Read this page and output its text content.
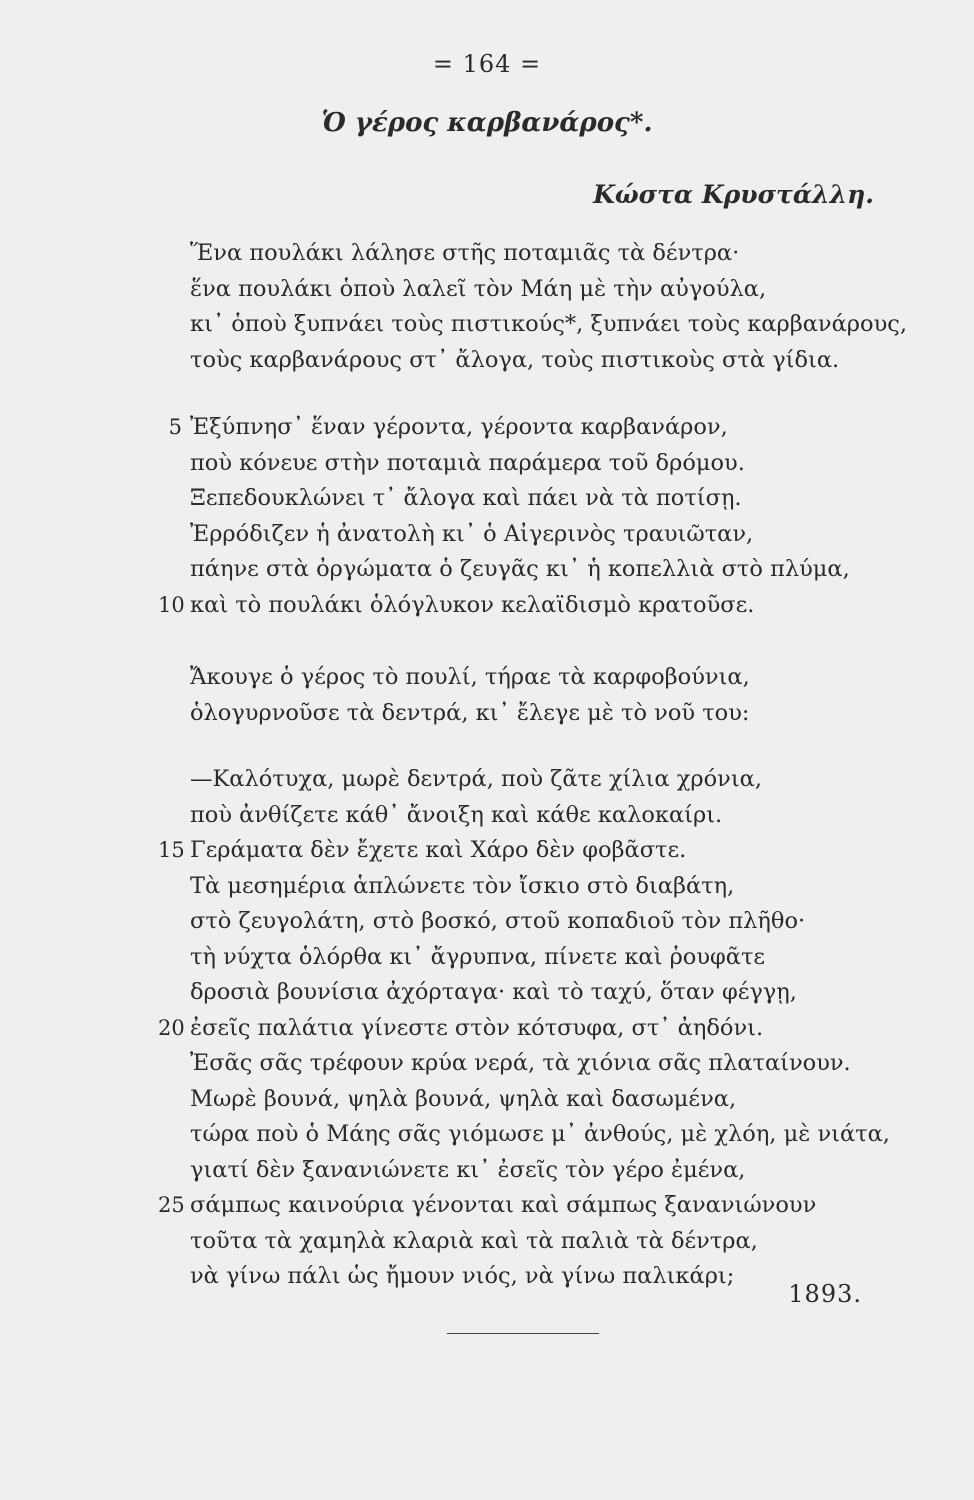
= 164 =
Ὁ γέρος καρβανάρος*.
Κώστα Κρυστάλλη.
Ἕνα πουλάκι λάλησε στῆς ποταμιᾶς τὰ δέντρα·
ἕνα πουλάκι ὁποὺ λαλεῖ τὸν Μάη μὲ τὴν αὐγούλα,
κι᾽ ὁποὺ ξυπνάει τοὺς πιστικούς*, ξυπνάει τοὺς καρβανάρους,
τοὺς καρβανάρους στ᾽ ἄλογα, τοὺς πιστικοὺς στὰ γίδια.
5 Ἐξύπνησ᾽ ἕναν γέροντα, γέροντα καρβανάρον,
ποὺ κόνευε στὴν ποταμιὰ παράμερα τοῦ δρόμου.
Ξεπεδουκλώνει τ᾽ ἄλογα καὶ πάει νὰ τὰ ποτίσῃ.
Ἐρρόδιζεν ἡ ἀνατολὴ κι᾽ ὁ Αἰγερινὸς τραυιῶταν,
πάηνε στὰ ὀργώματα ὁ ζευγᾶς κι᾽ ἡ κοπελλιὰ στὸ πλύμα,
10 καὶ τὸ πουλάκι ὁλόγλυκον κελαϊδισμὸ κρατοῦσε.
Ἄκουγε ὁ γέρος τὸ πουλί, τήραε τὰ καρφοβούνια,
ὁλογυρνοῦσε τὰ δεντρά, κι᾽ ἔλεγε μὲ τὸ νοῦ του:
—Καλότυχα, μωρὲ δεντρά, ποὺ ζᾶτε χίλια χρόνια,
ποὺ ἀνθίζετε κάθ᾽ ἄνοιξη καὶ κάθε καλοκαίρι.
15 Γεράματα δὲν ἔχετε καὶ Χάρο δὲν φοβᾶστε.
Τὰ μεσημέρια ἁπλώνετε τὸν ἴσκιο στὸ διαβάτη,
στὸ ζευγολάτη, στὸ βοσκό, στοῦ κοπαδιοῦ τὸν πλῆθο·
τὴ νύχτα ὁλόρθα κι᾽ ἄγρυπνα, πίνετε καὶ ῥουφᾶτε
δροσιὰ βουνίσια ἀχόρταγα· καὶ τὸ ταχύ, ὅταν φέγγῃ,
20 ἐσεῖς παλάτια γίνεστε στὸν κότσυφα, στ᾽ ἀηδόνι.
Ἐσᾶς σᾶς τρέφουν κρύα νερά, τὰ χιόνια σᾶς πλαταίνουν.
Μωρὲ βουνά, ψηλὰ βουνά, ψηλὰ καὶ δασωμένα,
τώρα ποὺ ὁ Μάης σᾶς γιόμωσε μ᾽ ἀνθούς, μὲ χλόη, μὲ νιάτα,
γιατί δὲν ξανανιώνετε κι᾽ ἐσεῖς τὸν γέρο ἐμένα,
25 σάμπως καινούρια γένονται καὶ σάμπως ξανανιώνουν
τοῦτα τὰ χαμηλὰ κλαριὰ καὶ τὰ παλιὰ τὰ δέντρα,
νὰ γίνω πάλι ὡς ἤμουν νιός, νὰ γίνω παλικάρι;
1893.
